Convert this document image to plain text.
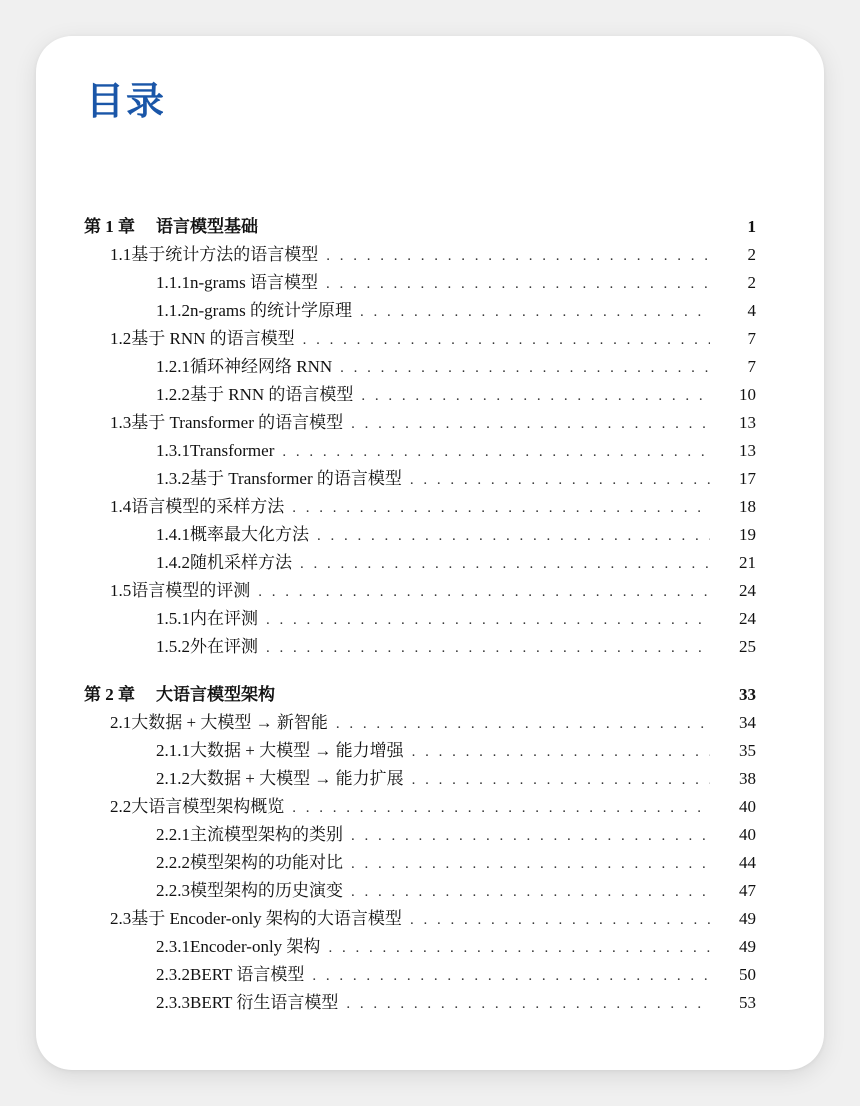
目录
第 1 章	语言模型基础	1
1.1 基于统计方法的语言模型 . . .	2
1.1.1 n-grams 语言模型 . . .	2
1.1.2 n-grams 的统计学原理 . . .	4
1.2 基于 RNN 的语言模型 . . .	7
1.2.1 循环神经网络 RNN . . .	7
1.2.2 基于 RNN 的语言模型 . . .	10
1.3 基于 Transformer 的语言模型 . . .	13
1.3.1 Transformer . . .	13
1.3.2 基于 Transformer 的语言模型 . . .	17
1.4 语言模型的采样方法 . . .	18
1.4.1 概率最大化方法 . . .	19
1.4.2 随机采样方法 . . .	21
1.5 语言模型的评测 . . .	24
1.5.1 内在评测 . . .	24
1.5.2 外在评测 . . .	25
第 2 章	大语言模型架构	33
2.1 大数据 + 大模型 → 新智能 . . .	34
2.1.1 大数据 + 大模型 → 能力增强 . . .	35
2.1.2 大数据 + 大模型 → 能力扩展 . . .	38
2.2 大语言模型架构概览 . . .	40
2.2.1 主流模型架构的类别 . . .	40
2.2.2 模型架构的功能对比 . . .	44
2.2.3 模型架构的历史演变 . . .	47
2.3 基于 Encoder-only 架构的大语言模型 . . .	49
2.3.1 Encoder-only 架构 . . .	49
2.3.2 BERT 语言模型 . . .	50
2.3.3 BERT 衍生语言模型 . . .	53
